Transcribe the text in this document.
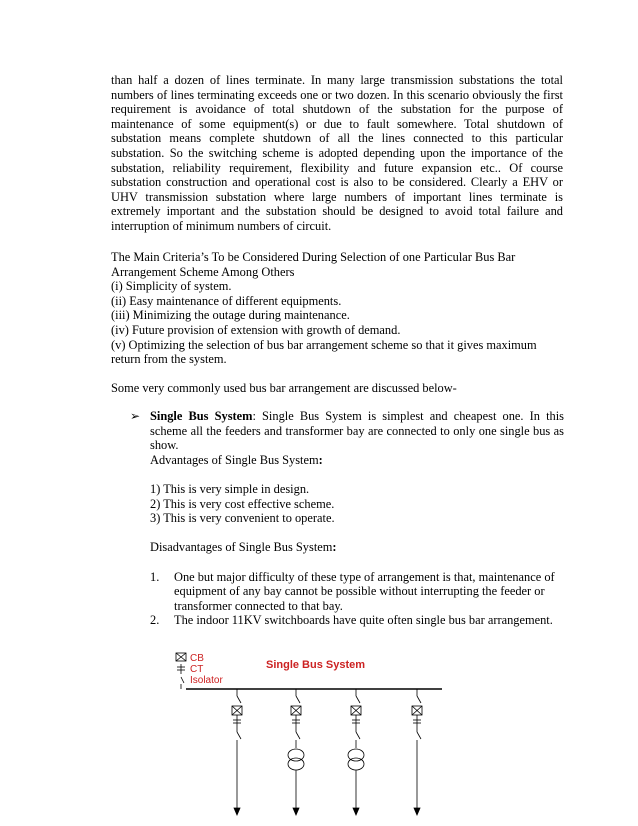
than half a dozen of lines terminate. In many large transmission substations the total numbers of lines terminating exceeds one or two dozen. In this scenario obviously the first requirement is avoidance of total shutdown of the substation for the purpose of maintenance of some equipment(s) or due to fault somewhere. Total shutdown of substation means complete shutdown of all the lines connected to this particular substation. So the switching scheme is adopted depending upon the importance of the substation, reliability requirement, flexibility and future expansion etc.. Of course substation construction and operational cost is also to be considered. Clearly a EHV or UHV transmission substation where large numbers of important lines terminate is extremely important and the substation should be designed to avoid total failure and interruption of minimum numbers of circuit.

The Main Criteria’s To be Considered During Selection of one Particular Bus Bar
Arrangement Scheme Among Others
(i) Simplicity of system.
(ii) Easy maintenance of different equipments.
(iii) Minimizing the outage during maintenance.
(iv) Future provision of extension with growth of demand.
(v) Optimizing the selection of bus bar arrangement scheme so that it gives maximum
return from the system.
Some very commonly used bus bar arrangement are discussed below-
➢ Single Bus System: Single Bus System is simplest and cheapest one. In this scheme all the feeders and transformer bay are connected to only one single bus as show.
Advantages of Single Bus System:
1) This is very simple in design.
2) This is very cost effective scheme.
3) This is very convenient to operate.
Disadvantages of Single Bus System:
1. One but major difficulty of these type of arrangement is that, maintenance of equipment of any bay cannot be possible without interrupting the feeder or transformer connected to that bay.
2. The indoor 11KV switchboards have quite often single bus bar arrangement.
CB
CT
Isolator
Single Bus System
